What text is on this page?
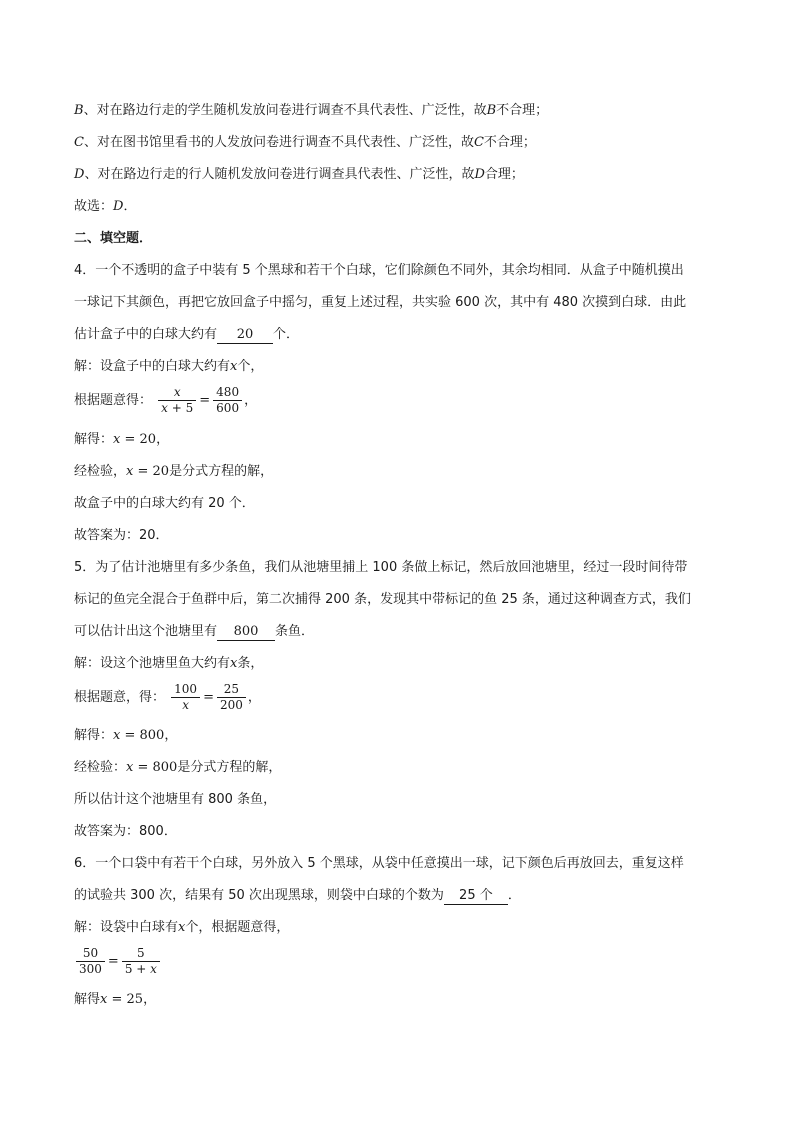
B、对在路边行走的学生随机发放问卷进行调查不具代表性、广泛性，故B不合理；
C、对在图书馆里看书的人发放问卷进行调查不具代表性、广泛性，故C不合理；
D、对在路边行走的行人随机发放问卷进行调查具代表性、广泛性，故D合理；
故选：D．
二、填空题．
4．一个不透明的盒子中装有 5 个黑球和若干个白球，它们除颜色不同外，其余均相同．从盒子中随机摸出
一球记下其颜色，再把它放回盒子中摇匀，重复上述过程，共实验 600 次，其中有 480 次摸到白球．由此
估计盒子中的白球大约有 20 个．
解：设盒子中的白球大约有x个，
根据题意得： $\frac{x}{x + 5} = \frac{480}{600}$ ，
解得：x = 20，
经检验，x = 20是分式方程的解，
故盒子中的白球大约有 20 个．
故答案为：20．
5．为了估计池塘里有多少条鱼，我们从池塘里捕上 100 条做上标记，然后放回池塘里，经过一段时间待带
标记的鱼完全混合于鱼群中后，第二次捕得 200 条，发现其中带标记的鱼 25 条，通过这种调查方式，我们
可以估计出这个池塘里有 800 条鱼．
解：设这个池塘里鱼大约有x条，
根据题意，得： $\frac{100}{x} = \frac{25}{200}$ ，
解得：x = 800，
经检验：x = 800是分式方程的解，
所以估计这个池塘里有 800 条鱼，
故答案为：800．
6．一个口袋中有若干个白球，另外放入 5 个黑球，从袋中任意摸出一球，记下颜色后再放回去，重复这样
的试验共 300 次，结果有 50 次出现黑球，则袋中白球的个数为 25 个 ．
解：设袋中白球有x个，根据题意得，
$\frac{50}{300} = \frac{5}{5 + x}$
解得x = 25，
